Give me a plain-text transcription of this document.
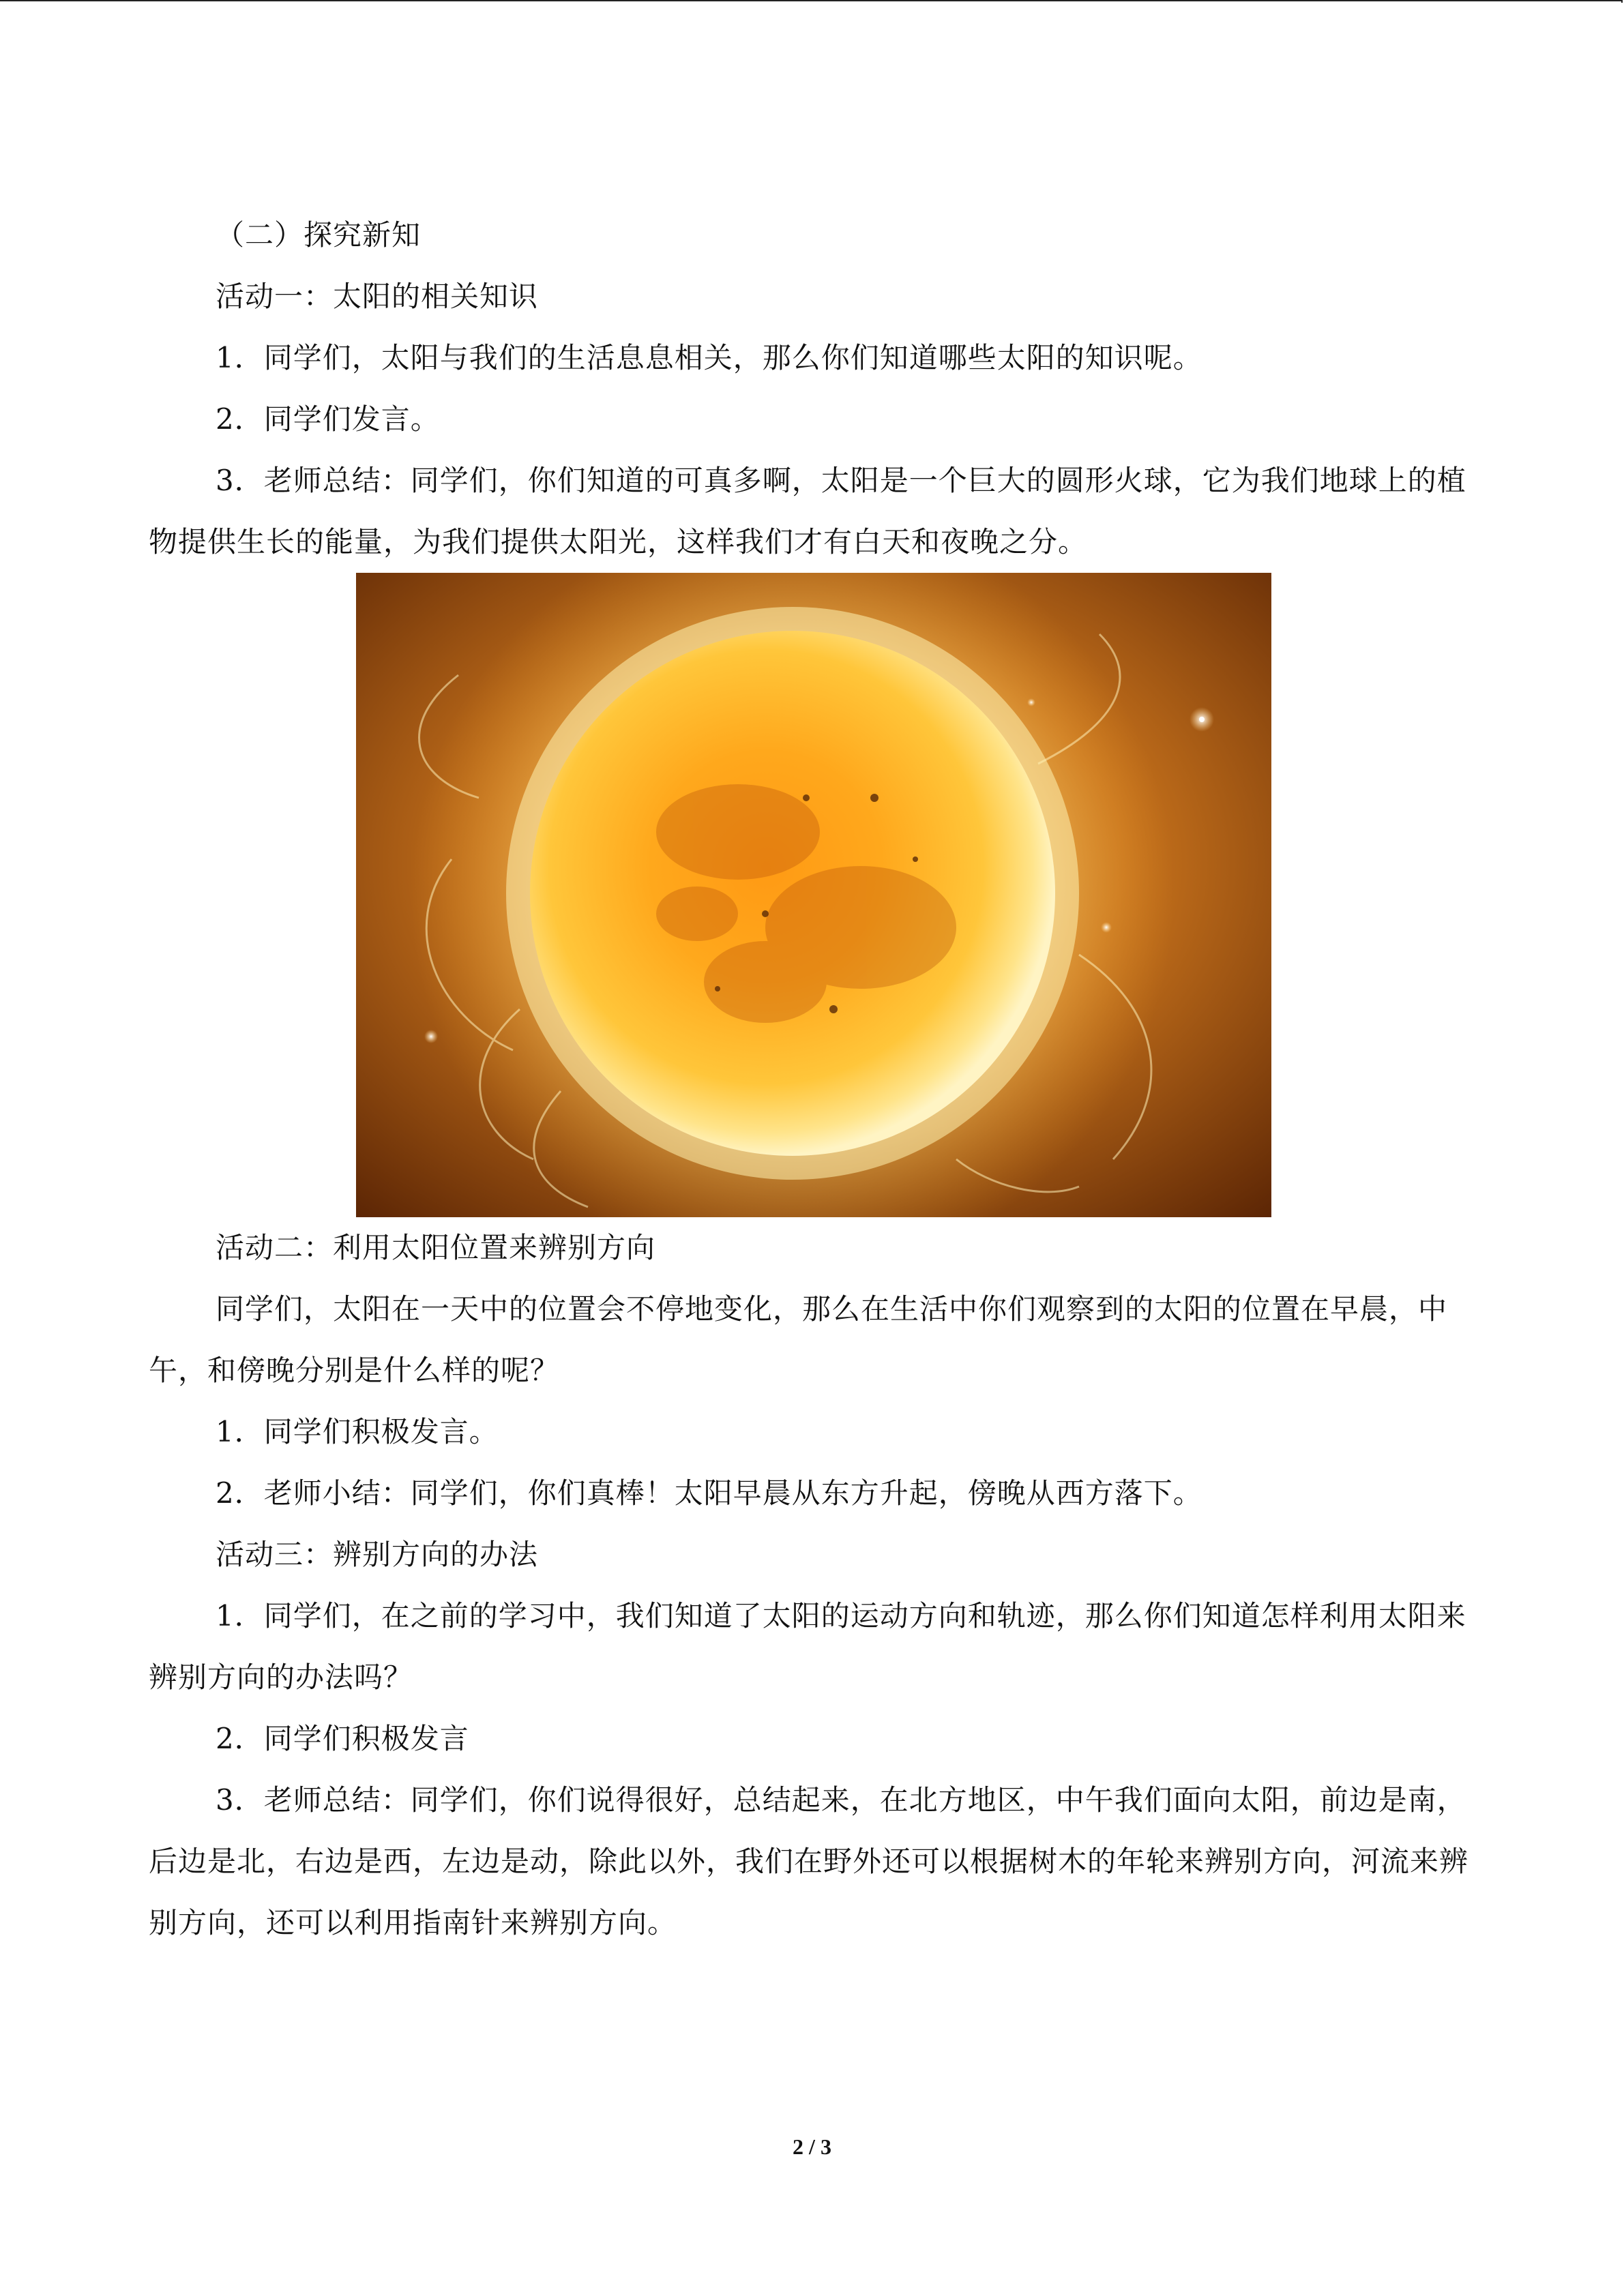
（二）探究新知

活动一：太阳的相关知识

1．同学们，太阳与我们的生活息息相关，那么你们知道哪些太阳的知识呢。

2．同学们发言。

3．老师总结：同学们，你们知道的可真多啊，太阳是一个巨大的圆形火球，它为我们地球上的植物提供生长的能量，为我们提供太阳光，这样我们才有白天和夜晚之分。

活动二：利用太阳位置来辨别方向

同学们，太阳在一天中的位置会不停地变化，那么在生活中你们观察到的太阳的位置在早晨，中午，和傍晚分别是什么样的呢？

1．同学们积极发言。

2．老师小结：同学们，你们真棒！太阳早晨从东方升起，傍晚从西方落下。

活动三：辨别方向的办法

1．同学们，在之前的学习中，我们知道了太阳的运动方向和轨迹，那么你们知道怎样利用太阳来辨别方向的办法吗？

2．同学们积极发言

3．老师总结：同学们，你们说得很好，总结起来，在北方地区，中午我们面向太阳，前边是南，后边是北，右边是西，左边是动，除此以外，我们在野外还可以根据树木的年轮来辨别方向，河流来辨别方向，还可以利用指南针来辨别方向。

2 / 3
